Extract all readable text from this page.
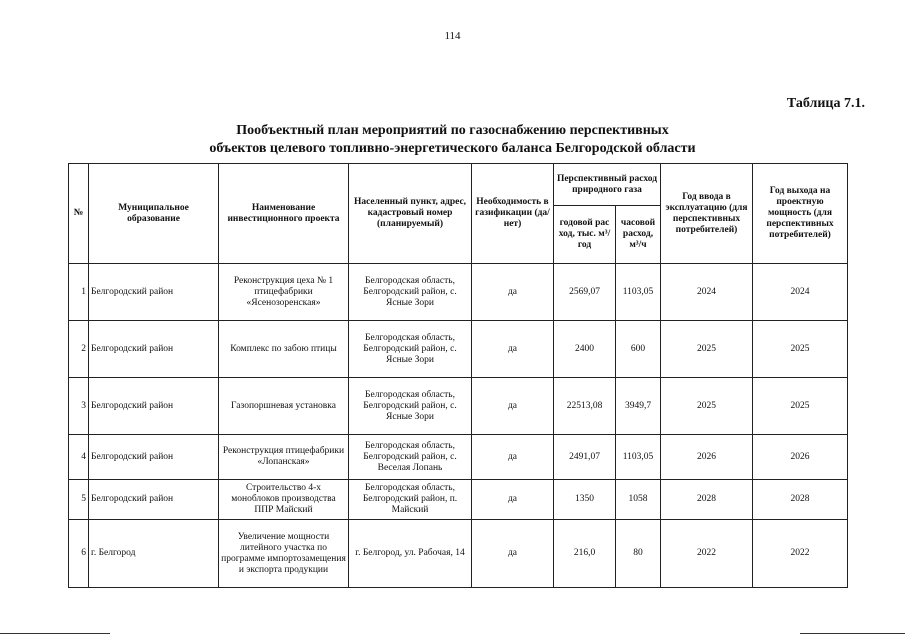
114
Таблица 7.1.
Пообъектный план мероприятий по газоснабжению перспективных
объектов целевого топливно-энергетического баланса Белгородской области
№	Муниципальное образование	Наименование инвестиционного проекта	Населенный пункт, адрес, кадастровый номер (планируемый)	Необходимость в газификации (да/нет)	Перспективный расход природного газа		Год ввода в эксплуатацию (для перспективных потребителей)	Год выхода на проектную мощность (для перспективных потребителей)
					годовой рас ход, тыс. м³/год	часовой расход, м³/ч		
1	Белгородский район	Реконструкция цеха № 1 птицефабрики «Ясенозоренская»	Белгородская область, Белгородский район, с. Ясные Зори	да	2569,07	1103,05	2024	2024
2	Белгородский район	Комплекс по забою птицы	Белгородская область, Белгородский район, с. Ясные Зори	да	2400	600	2025	2025
3	Белгородский район	Газопоршневая установка	Белгородская область, Белгородский район, с. Ясные Зори	да	22513,08	3949,7	2025	2025
4	Белгородский район	Реконструкция птицефабрики «Лопанская»	Белгородская область, Белгородский район, с. Веселая Лопань	да	2491,07	1103,05	2026	2026
5	Белгородский район	Строительство 4-х моноблоков производства ППР Майский	Белгородская область, Белгородский район, п. Майский	да	1350	1058	2028	2028
6	г. Белгород	Увеличение мощности литейного участка по программе импортозамещения и экспорта продукции	г. Белгород, ул. Рабочая, 14	да	216,0	80	2022	2022
